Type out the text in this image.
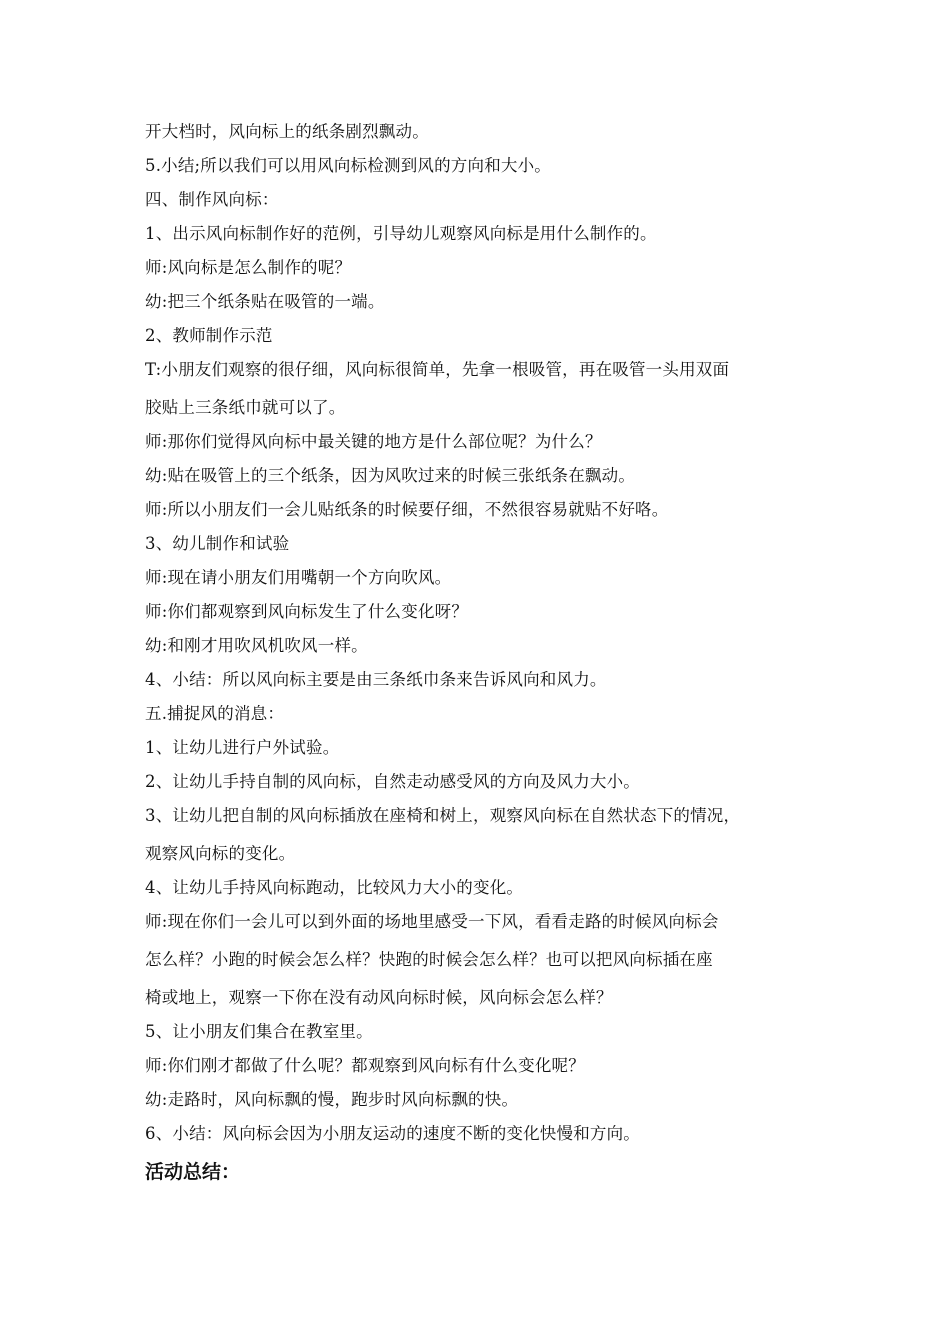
开大档时，风向标上的纸条剧烈飘动。

5.小结;所以我们可以用风向标检测到风的方向和大小。

四、制作风向标：

1、出示风向标制作好的范例，引导幼儿观察风向标是用什么制作的。

师:风向标是怎么制作的呢？

幼:把三个纸条贴在吸管的一端。

2、教师制作示范

T:小朋友们观察的很仔细，风向标很简单，先拿一根吸管，再在吸管一头用双面

胶贴上三条纸巾就可以了。

师:那你们觉得风向标中最关键的地方是什么部位呢？为什么？

幼:贴在吸管上的三个纸条，因为风吹过来的时候三张纸条在飘动。

师:所以小朋友们一会儿贴纸条的时候要仔细，不然很容易就贴不好咯。

3、幼儿制作和试验

师:现在请小朋友们用嘴朝一个方向吹风。

师:你们都观察到风向标发生了什么变化呀？

幼:和刚才用吹风机吹风一样。

4、小结：所以风向标主要是由三条纸巾条来告诉风向和风力。

五.捕捉风的消息：

1、让幼儿进行户外试验。

2、让幼儿手持自制的风向标，自然走动感受风的方向及风力大小。

3、让幼儿把自制的风向标插放在座椅和树上，观察风向标在自然状态下的情况，

观察风向标的变化。

4、让幼儿手持风向标跑动，比较风力大小的变化。

师:现在你们一会儿可以到外面的场地里感受一下风，看看走路的时候风向标会

怎么样？小跑的时候会怎么样？快跑的时候会怎么样？也可以把风向标插在座

椅或地上，观察一下你在没有动风向标时候，风向标会怎么样？

5、让小朋友们集合在教室里。

师:你们刚才都做了什么呢？都观察到风向标有什么变化呢？

幼:走路时，风向标飘的慢，跑步时风向标飘的快。

6、小结：风向标会因为小朋友运动的速度不断的变化快慢和方向。

活动总结：
